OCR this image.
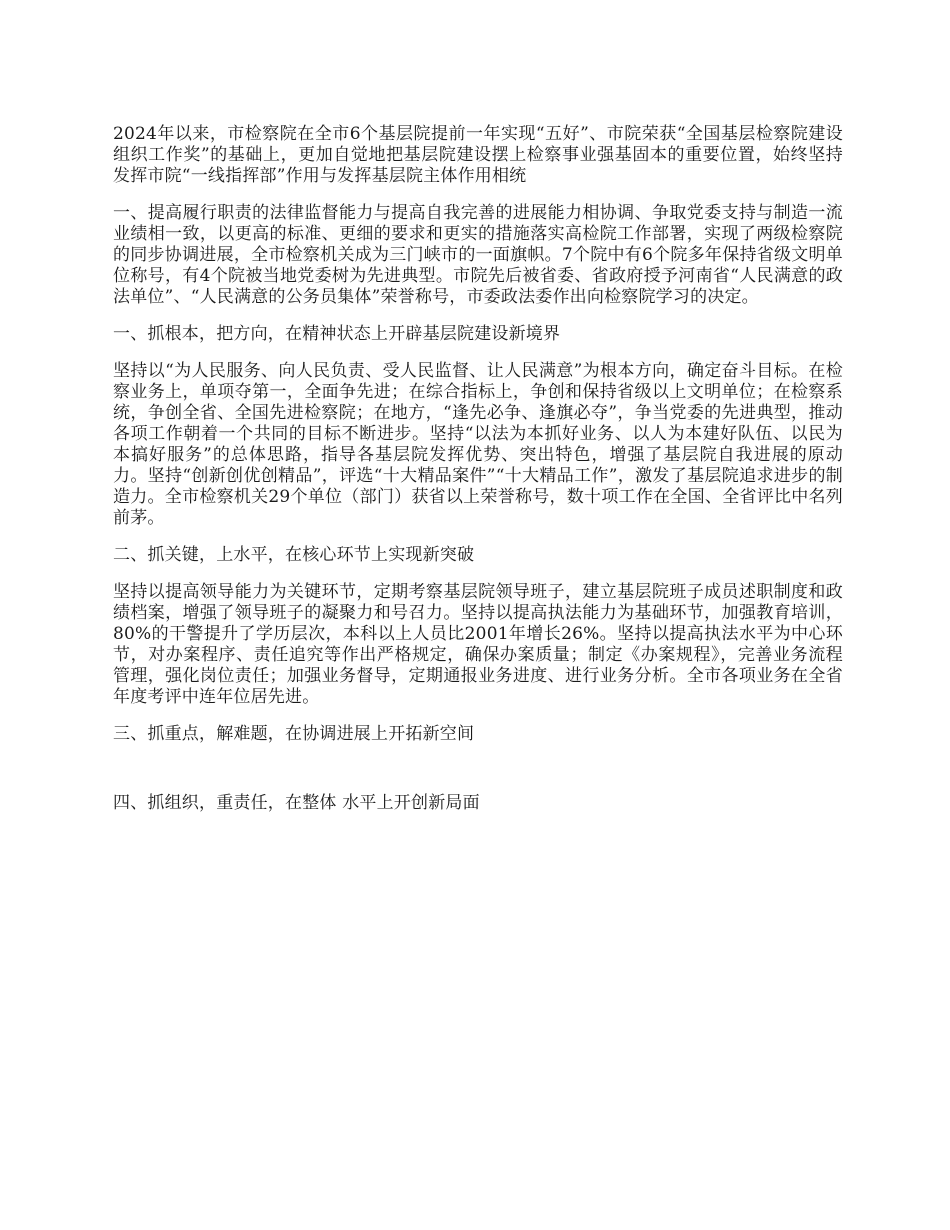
2024年以来，市检察院在全市6个基层院提前一年实现“五好”、市院荣获“全国基层检察院建设组织工作奖”的基础上，更加自觉地把基层院建设摆上检察事业强基固本的重要位置，始终坚持发挥市院“一线指挥部”作用与发挥基层院主体作用相统

一、提高履行职责的法律监督能力与提高自我完善的进展能力相协调、争取党委支持与制造一流业绩相一致，以更高的标准、更细的要求和更实的措施落实高检院工作部署，实现了两级检察院的同步协调进展，全市检察机关成为三门峡市的一面旗帜。7个院中有6个院多年保持省级文明单位称号，有4个院被当地党委树为先进典型。市院先后被省委、省政府授予河南省“人民满意的政法单位”、“人民满意的公务员集体”荣誉称号，市委政法委作出向检察院学习的决定。

一、抓根本，把方向，在精神状态上开辟基层院建设新境界

坚持以“为人民服务、向人民负责、受人民监督、让人民满意”为根本方向，确定奋斗目标。在检察业务上，单项夺第一，全面争先进；在综合指标上，争创和保持省级以上文明单位；在检察系统，争创全省、全国先进检察院；在地方，“逢先必争、逢旗必夺”，争当党委的先进典型，推动各项工作朝着一个共同的目标不断进步。坚持“以法为本抓好业务、以人为本建好队伍、以民为本搞好服务”的总体思路，指导各基层院发挥优势、突出特色，增强了基层院自我进展的原动力。坚持“创新创优创精品”，评选“十大精品案件”“十大精品工作”，激发了基层院追求进步的制造力。全市检察机关29个单位（部门）获省以上荣誉称号，数十项工作在全国、全省评比中名列前茅。

二、抓关键，上水平，在核心环节上实现新突破

坚持以提高领导能力为关键环节，定期考察基层院领导班子，建立基层院班子成员述职制度和政绩档案，增强了领导班子的凝聚力和号召力。坚持以提高执法能力为基础环节，加强教育培训， 80%的干警提升了学历层次，本科以上人员比2001年增长26%。坚持以提高执法水平为中心环节，对办案程序、责任追究等作出严格规定，确保办案质量；制定《办案规程》，完善业务流程管理，强化岗位责任；加强业务督导，定期通报业务进度、进行业务分析。全市各项业务在全省年度考评中连年位居先进。

三、抓重点，解难题，在协调进展上开拓新空间

四、抓组织，重责任，在整体 水平上开创新局面
